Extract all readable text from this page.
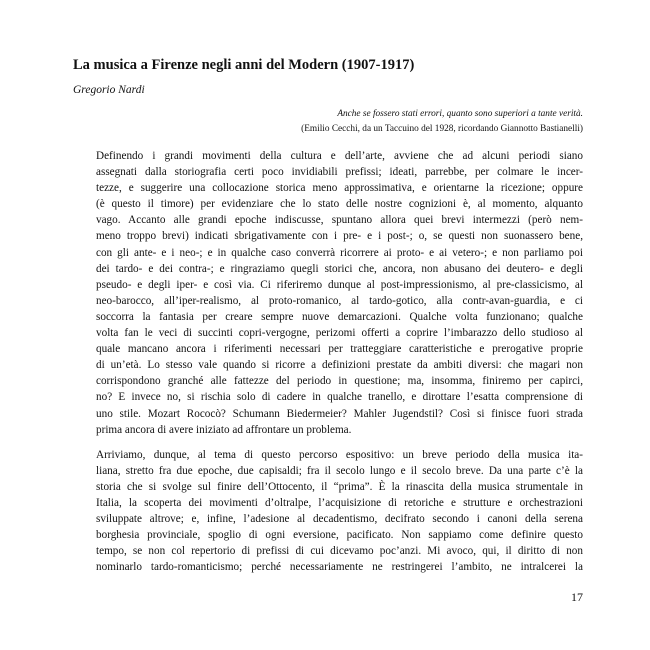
La musica a Firenze negli anni del Modern (1907-1917)
Gregorio Nardi
Anche se fossero stati errori, quanto sono superiori a tante verità.
(Emilio Cecchi, da un Taccuino del 1928, ricordando Giannotto Bastianelli)
Definendo i grandi movimenti della cultura e dell’arte, avviene che ad alcuni periodi siano
assegnati dalla storiografia certi poco invidiabili prefissi; ideati, parrebbe, per colmare le incer-
tezze, e suggerire una collocazione storica meno approssimativa, e orientarne la ricezione; oppure
(è questo il timore) per evidenziare che lo stato delle nostre cognizioni è, al momento, alquanto
vago. Accanto alle grandi epoche indiscusse, spuntano allora quei brevi intermezzi (però nem-
meno troppo brevi) indicati sbrigativamente con i pre- e i post-; o, se questi non suonassero bene,
con gli ante- e i neo-; e in qualche caso converrà ricorrere ai proto- e ai vetero-; e non parliamo poi
dei tardo- e dei contra-; e ringraziamo quegli storici che, ancora, non abusano dei deutero- e degli
pseudo- e degli iper- e così via. Ci riferiremo dunque al post-impressionismo, al pre-classicismo, al
neo-barocco, all’iper-realismo, al proto-romanico, al tardo-gotico, alla contr-avan-guardia, e ci
soccorra la fantasia per creare sempre nuove demarcazioni. Qualche volta funzionano; qualche
volta fan le veci di succinti copri-vergogne, perizomi offerti a coprire l’imbarazzo dello studioso al
quale mancano ancora i riferimenti necessari per tratteggiare caratteristiche e prerogative proprie
di un’età. Lo stesso vale quando si ricorre a definizioni prestate da ambiti diversi: che magari non
corrispondono granché alle fattezze del periodo in questione; ma, insomma, finiremo per capirci,
no? E invece no, si rischia solo di cadere in qualche tranello, e dirottare l’esatta comprensione di
uno stile. Mozart Rococò? Schumann Biedermeier? Mahler Jugendstil? Così si finisce fuori strada
prima ancora di avere iniziato ad affrontare un problema.
Arriviamo, dunque, al tema di questo percorso espositivo: un breve periodo della musica ita-
liana, stretto fra due epoche, due capisaldi; fra il secolo lungo e il secolo breve. Da una parte c’è la
storia che si svolge sul finire dell’Ottocento, il “prima”. È la rinascita della musica strumentale in
Italia, la scoperta dei movimenti d’oltralpe, l’acquisizione di retoriche e strutture e orchestrazioni
sviluppate altrove; e, infine, l’adesione al decadentismo, decifrato secondo i canoni della serena
borghesia provinciale, spoglio di ogni eversione, pacificato. Non sappiamo come definire questo
tempo, se non col repertorio di prefissi di cui dicevamo poc’anzi. Mi avoco, qui, il diritto di non
nominarlo tardo-romanticismo; perché necessariamente ne restringerei l’ambito, ne intralcerei la
17
